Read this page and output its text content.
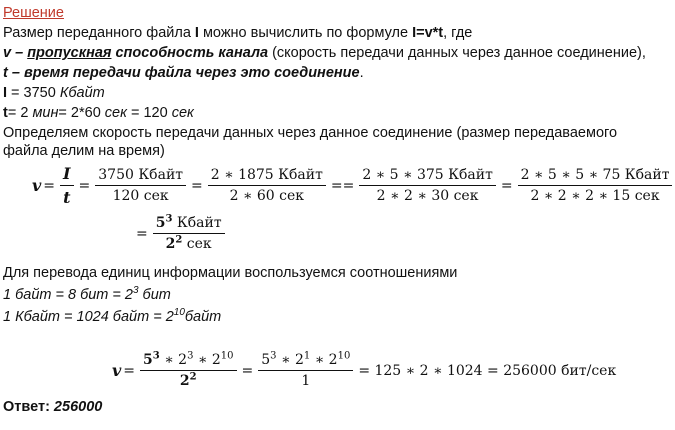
Решение
Размер переданного файла I можно вычислить по формуле I=v*t, где
v – пропускная способность канала (скорость передачи данных через данное соединение),
t – время передачи файла через это соединение.
I = 3750 Кбайт
t= 2 мин= 2*60 сек = 120 сек
Определяем скорость передачи данных через данное соединение (размер передаваемого
файла делим на время)
$v = \frac{I}{t} = \frac{\text{3750 Кбайт}}{\text{120 сек}} = \frac{\text{2 ∗ 1875 Кбайт}}{\text{2 ∗ 60 сек}} == \frac{\text{2 ∗ 5 ∗ 375 Кбайт}}{\text{2 ∗ 2 ∗ 30 сек}} = \frac{\text{2 ∗ 5 ∗ 5 ∗ 75 Кбайт}}{\text{2 ∗ 2 ∗ 2 ∗ 15 сек}}$
= $\frac{5^3 Кбайт}{2^2 сек}$
Для перевода единиц информации воспользуемся соотношениями
1 байт = 8 бит = $2^3$ бит
1 Кбайт = 1024 байт = $2^{10}байт$
$v = \frac{5^3 ∗ 2^3 ∗ 2^{10}}{2^2} = \frac{5^3 ∗ 2^1 ∗ 2^{10}}{1} = 125$ ∗ 2 ∗ 1024 = 256000 бит/сек
Ответ: 256000
